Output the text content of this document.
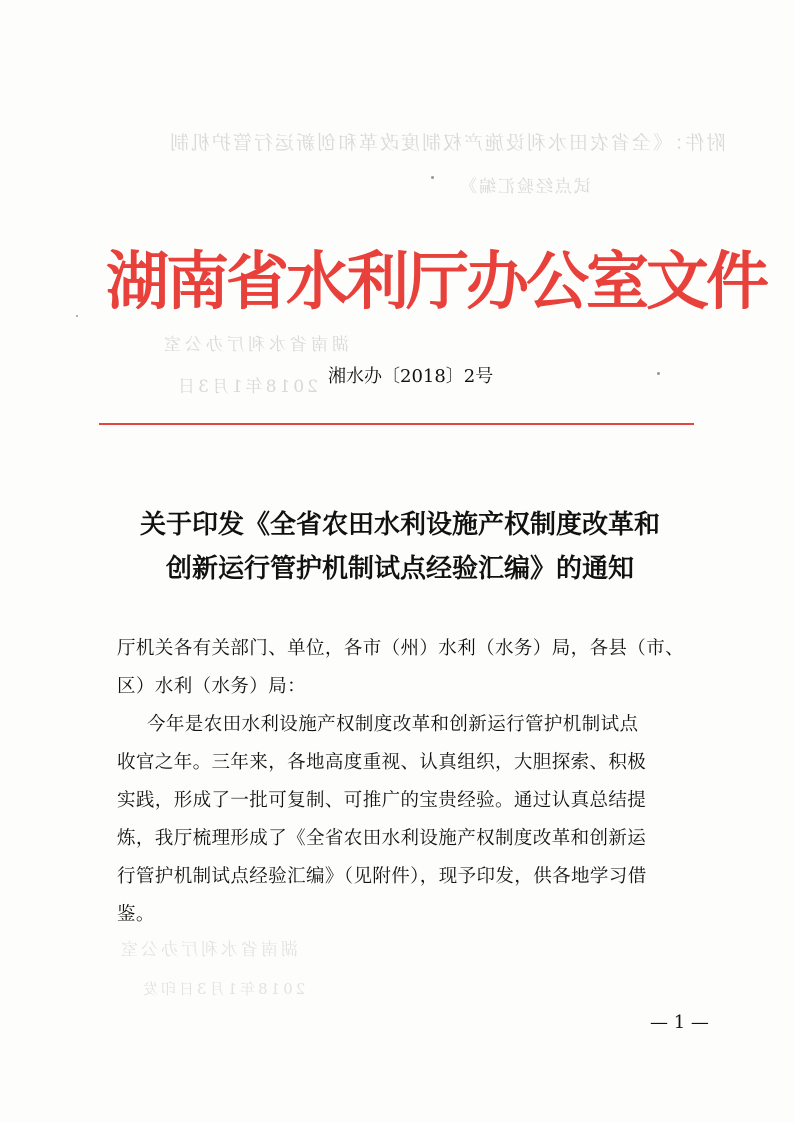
附件：《全省农田水利设施产权制度改革和创新运行管护机制
试点经验汇编》
湖南省水利厅办公室
2018年1月3日
湖南省水利厅办公室
2018年1月3日印发
湖南省水利厅办公室文件
湘水办〔2018〕2号
关于印发《全省农田水利设施产权制度改革和
创新运行管护机制试点经验汇编》的通知
厅机关各有关部门、单位，各市（州）水利（水务）局，各县（市、
区）水利（水务）局：
今年是农田水利设施产权制度改革和创新运行管护机制试点
收官之年。三年来，各地高度重视、认真组织，大胆探索、积极
实践，形成了一批可复制、可推广的宝贵经验。通过认真总结提
炼，我厅梳理形成了《全省农田水利设施产权制度改革和创新运
行管护机制试点经验汇编》（见附件），现予印发，供各地学习借
鉴。
— 1 —
